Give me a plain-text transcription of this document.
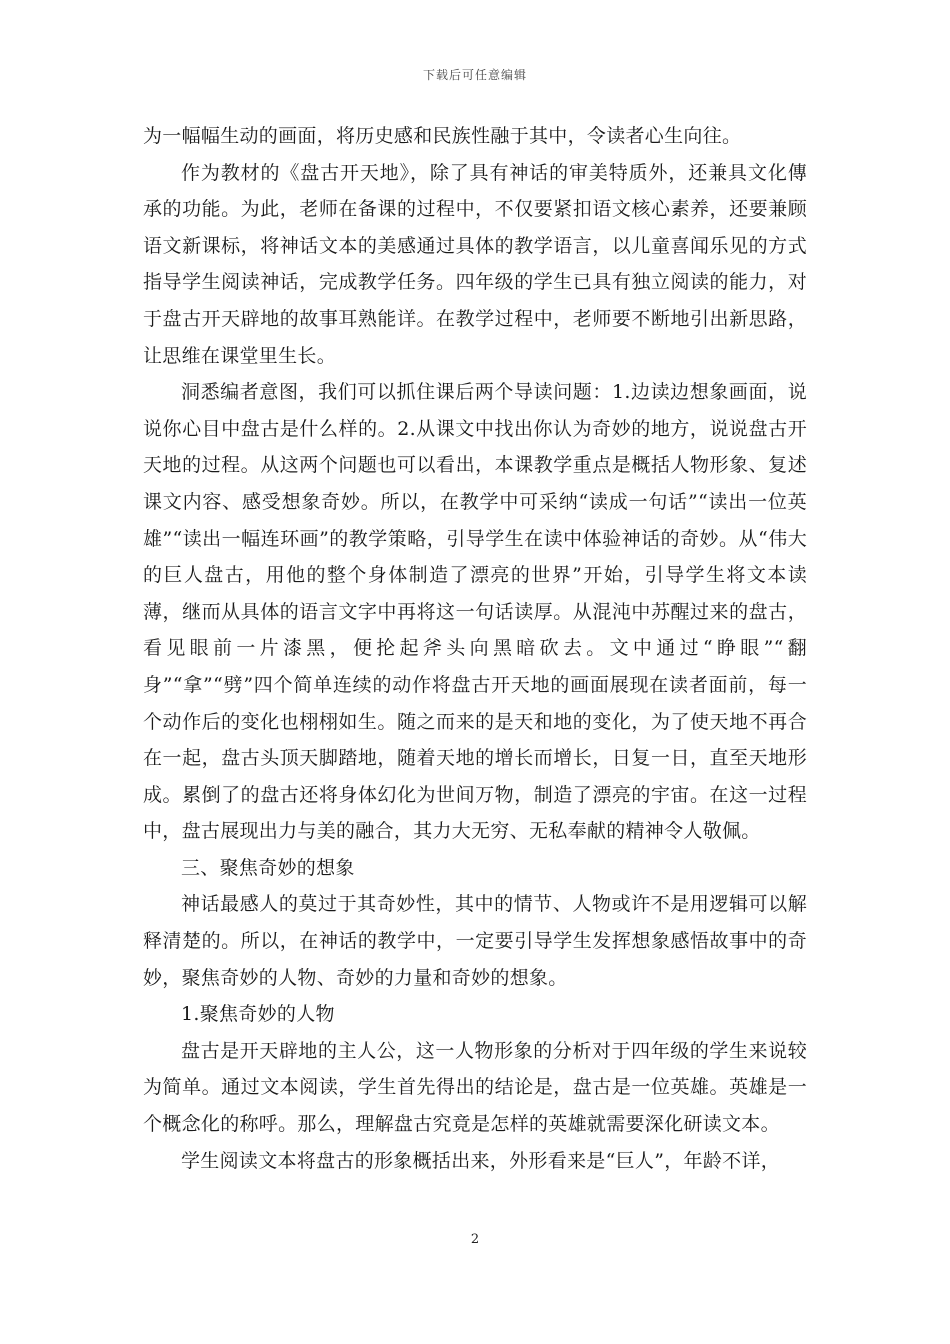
下载后可任意编辑

为一幅幅生动的画面，将历史感和民族性融于其中，令读者心生向往。

作为教材的《盘古开天地》，除了具有神话的审美特质外，还兼具文化傳承的功能。为此，老师在备课的过程中，不仅要紧扣语文核心素养，还要兼顾语文新课标，将神话文本的美感通过具体的教学语言，以儿童喜闻乐见的方式指导学生阅读神话，完成教学任务。四年级的学生已具有独立阅读的能力，对于盘古开天辟地的故事耳熟能详。在教学过程中，老师要不断地引出新思路，让思维在课堂里生长。

洞悉编者意图，我们可以抓住课后两个导读问题：1.边读边想象画面，说说你心目中盘古是什么样的。2.从课文中找出你认为奇妙的地方，说说盘古开天地的过程。从这两个问题也可以看出，本课教学重点是概括人物形象、复述课文内容、感受想象奇妙。所以，在教学中可采纳“读成一句话”“读出一位英雄”“读出一幅连环画”的教学策略，引导学生在读中体验神话的奇妙。从“伟大的巨人盘古，用他的整个身体制造了漂亮的世界”开始，引导学生将文本读薄，继而从具体的语言文字中再将这一句话读厚。从混沌中苏醒过来的盘古，看见眼前一片漆黑，便抡起斧头向黑暗砍去。文中通过“睁眼”“翻身”“拿”“劈”四个简单连续的动作将盘古开天地的画面展现在读者面前，每一个动作后的变化也栩栩如生。随之而来的是天和地的变化，为了使天地不再合在一起，盘古头顶天脚踏地，随着天地的增长而增长，日复一日，直至天地形成。累倒了的盘古还将身体幻化为世间万物，制造了漂亮的宇宙。在这一过程中，盘古展现出力与美的融合，其力大无穷、无私奉献的精神令人敬佩。

三、聚焦奇妙的想象

神话最感人的莫过于其奇妙性，其中的情节、人物或许不是用逻辑可以解释清楚的。所以，在神话的教学中，一定要引导学生发挥想象感悟故事中的奇妙，聚焦奇妙的人物、奇妙的力量和奇妙的想象。

1.聚焦奇妙的人物

盘古是开天辟地的主人公，这一人物形象的分析对于四年级的学生来说较为简单。通过文本阅读，学生首先得出的结论是，盘古是一位英雄。英雄是一个概念化的称呼。那么，理解盘古究竟是怎样的英雄就需要深化研读文本。

学生阅读文本将盘古的形象概括出来，外形看来是“巨人”，年龄不详，

2
